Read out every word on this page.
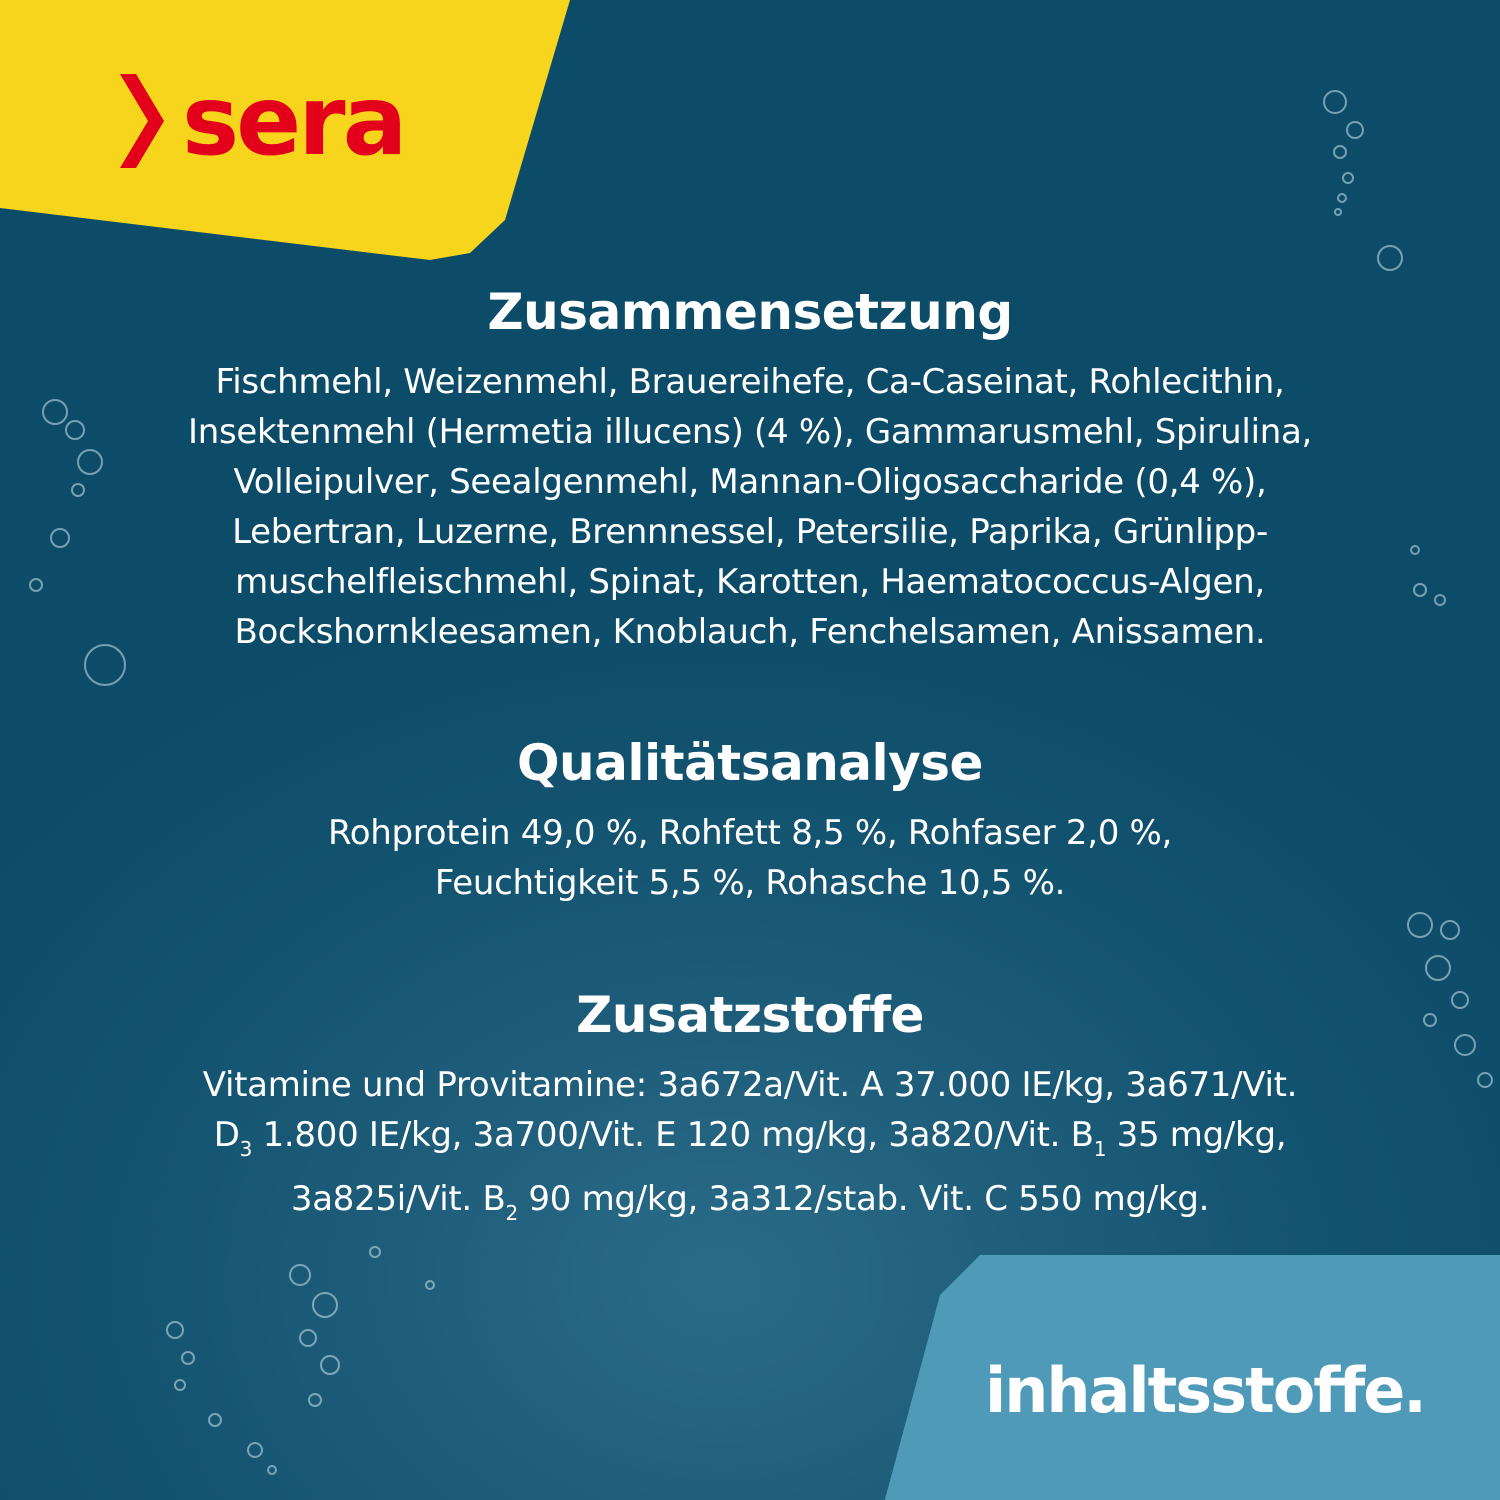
sera
Zusammensetzung
Fischmehl, Weizenmehl, Brauereihefe, Ca-Caseinat, Rohlecithin,
Insektenmehl (Hermetia illucens) (4 %), Gammarusmehl, Spirulina,
Volleipulver, Seealgenmehl, Mannan-Oligosaccharide (0,4 %),
Lebertran, Luzerne, Brennnessel, Petersilie, Paprika, Grünlipp-
muschelfleischmehl, Spinat, Karotten, Haematococcus-Algen,
Bockshornkleesamen, Knoblauch, Fenchelsamen, Anissamen.
Qualitätsanalyse
Rohprotein 49,0 %, Rohfett 8,5 %, Rohfaser 2,0 %,
Feuchtigkeit 5,5 %, Rohasche 10,5 %.
Zusatzstoffe
Vitamine und Provitamine: 3a672a/Vit. A 37.000 IE/kg, 3a671/Vit.
$D_3$ 1.800 IE/kg, 3a700/Vit. E 120 mg/kg, 3a820/Vit. $B_1$ 35 mg/kg,
3a825i/Vit. $B_2$ 90 mg/kg, 3a312/stab. Vit. C 550 mg/kg.
inhaltsstoffe.
